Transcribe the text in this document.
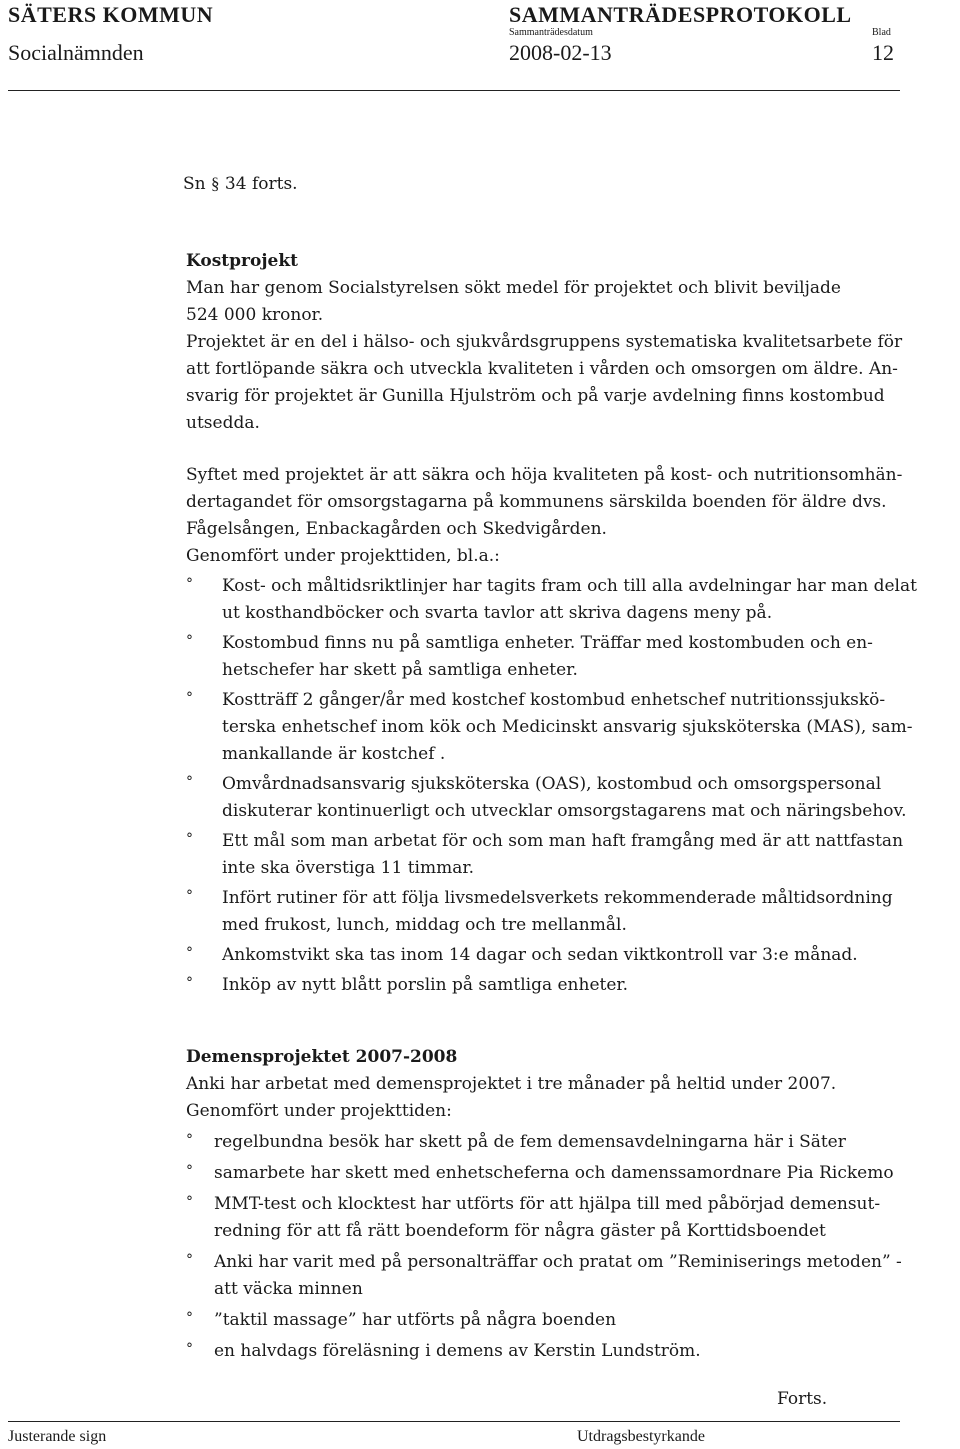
SÄTERS KOMMUN	SAMMANTRÄDESPROTOKOLL
Sammanträdesdatum	Blad
Socialnämnden	2008-02-13	12
Sn § 34 forts.
Kostprojekt
Man har genom Socialstyrelsen sökt medel för projektet och blivit beviljade
524 000 kronor.
Projektet är en del i hälso- och sjukvårdsgruppens systematiska kvalitetsarbete för
att fortlöpande säkra och utveckla kvaliteten i vården och omsorgen om äldre. An-
svarig för projektet är Gunilla Hjulström och på varje avdelning finns kostombud
utsedda.
Syftet med projektet är att säkra och höja kvaliteten på kost- och nutritionsomhän-
dertagandet för omsorgstagarna på kommunens särskilda boenden för äldre dvs.
Fågelsången, Enbackagården och Skedvigården.
Genomfört under projekttiden, bl.a.:
° Kost- och måltidsriktlinjer har tagits fram och till alla avdelningar har man delat
ut kosthandböcker och svarta tavlor att skriva dagens meny på.
° Kostombud finns nu på samtliga enheter. Träffar med kostombuden och en-
hetschefer har skett på samtliga enheter.
° Kostträff 2 gånger/år med kostchef kostombud enhetschef nutritionssjukskö-
terska enhetschef inom kök och Medicinskt ansvarig sjuksköterska (MAS), sam-
mankallande är kostchef .
° Omvårdnadsansvarig sjuksköterska (OAS), kostombud och omsorgspersonal
diskuterar kontinuerligt och utvecklar omsorgstagarens mat och näringsbehov.
° Ett mål som man arbetat för och som man haft framgång med är att nattfastan
inte ska överstiga 11 timmar.
° Infört rutiner för att följa livsmedelsverkets rekommenderade måltidsordning
med frukost, lunch, middag och tre mellanmål.
° Ankomstvikt ska tas inom 14 dagar och sedan viktkontroll var 3:e månad.
° Inköp av nytt blått porslin på samtliga enheter.
Demensprojektet 2007-2008
Anki har arbetat med demensprojektet i tre månader på heltid under 2007.
Genomfört under projekttiden:
° regelbundna besök har skett på de fem demensavdelningarna här i Säter
° samarbete har skett med enhetscheferna och damenssamordnare Pia Rickemo
° MMT-test och klocktest har utförts för att hjälpa till med påbörjad demensut-
redning för att få rätt boendeform för några gäster på Korttidsboendet
° Anki har varit med på personalträffar och pratat om ”Reminiserings metoden” -
att väcka minnen
° ”taktil massage” har utförts på några boenden
° en halvdags föreläsning i demens av Kerstin Lundström.
Forts.
Justerande sign	Utdragsbestyrkande
